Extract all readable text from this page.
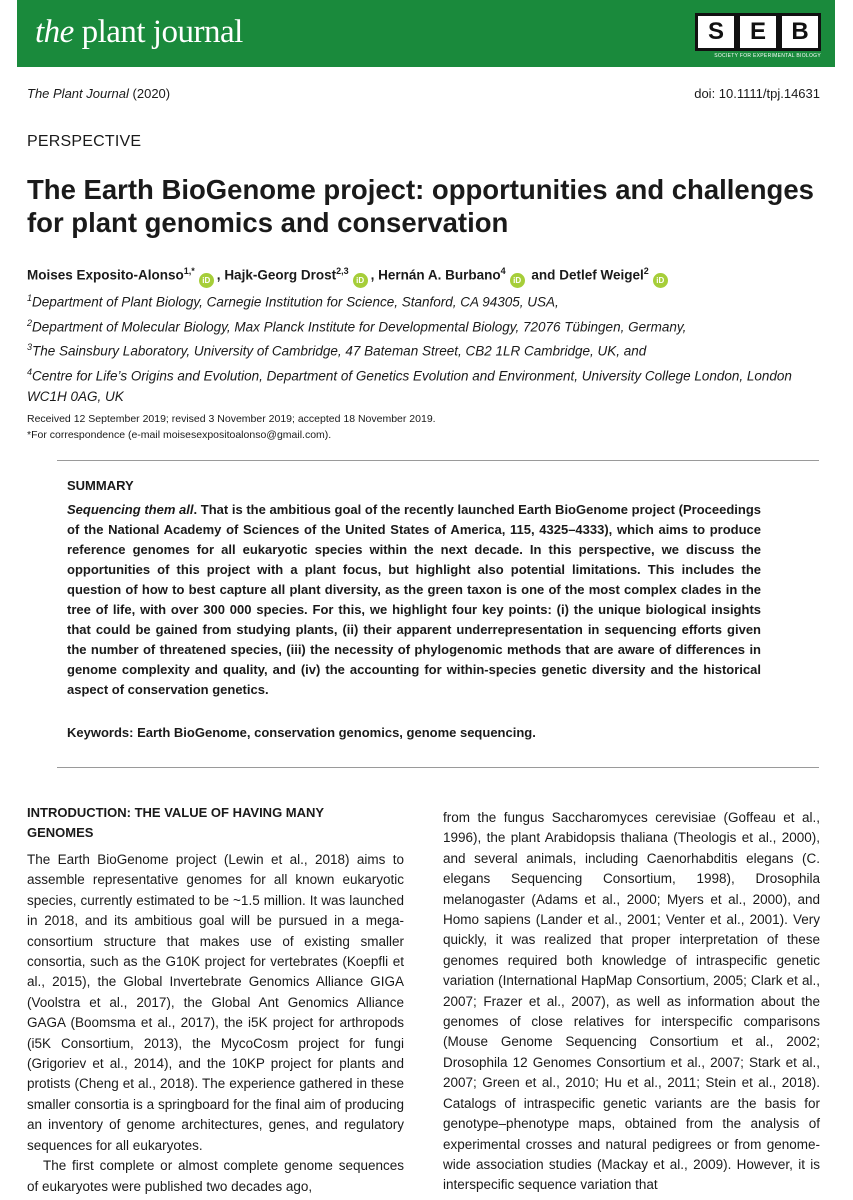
the plant journal	S	E	B
SOCIETY FOR EXPERIMENTAL BIOLOGY
The Plant Journal (2020)	doi: 10.1111/tpj.14631
PERSPECTIVE
The Earth BioGenome project: opportunities and challenges for plant genomics and conservation
Moises Exposito-Alonso$^{1,*}$iD , Hajk-Georg Drost$^{2,3}$iD , Hernán A. Burbano$^4$iD and Detlef Weigel$^2$iD
$^1$Department of Plant Biology, Carnegie Institution for Science, Stanford, CA 94305, USA,
$^2$Department of Molecular Biology, Max Planck Institute for Developmental Biology, 72076 Tübingen, Germany,
$^3$The Sainsbury Laboratory, University of Cambridge, 47 Bateman Street, CB2 1LR Cambridge, UK, and
$^4$Centre for Life’s Origins and Evolution, Department of Genetics Evolution and Environment, University College London, London WC1H 0AG, UK
Received 12 September 2019; revised 3 November 2019; accepted 18 November 2019.
*For correspondence (e-mail moisesexpositoalonso@gmail.com).
SUMMARY
Sequencing them all. That is the ambitious goal of the recently launched Earth BioGenome project (Proceedings of the National Academy of Sciences of the United States of America, 115, 4325–4333), which aims to produce reference genomes for all eukaryotic species within the next decade. In this perspective, we discuss the opportunities of this project with a plant focus, but highlight also potential limitations. This includes the question of how to best capture all plant diversity, as the green taxon is one of the most complex clades in the tree of life, with over 300 000 species. For this, we highlight four key points: (i) the unique biological insights that could be gained from studying plants, (ii) their apparent underrepresentation in sequencing efforts given the number of threatened species, (iii) the necessity of phylogenomic methods that are aware of differences in genome complexity and quality, and (iv) the accounting for within-species genetic diversity and the historical aspect of conservation genetics.
Keywords: Earth BioGenome, conservation genomics, genome sequencing.
INTRODUCTION: THE VALUE OF HAVING MANY GENOMES

The Earth BioGenome project (Lewin et al., 2018) aims to assemble representative genomes for all known eukaryotic species, currently estimated to be ~1.5 million. It was launched in 2018, and its ambitious goal will be pursued in a mega-consortium structure that makes use of existing smaller consortia, such as the G10K project for vertebrates (Koepfli et al., 2015), the Global Invertebrate Genomics Alliance GIGA (Voolstra et al., 2017), the Global Ant Genomics Alliance GAGA (Boomsma et al., 2017), the i5K project for arthropods (i5K Consortium, 2013), the MycoCosm project for fungi (Grigoriev et al., 2014), and the 10KP project for plants and protists (Cheng et al., 2018). The experience gathered in these smaller consortia is a springboard for the final aim of producing an inventory of genome architectures, genes, and regulatory sequences for all eukaryotes.

The first complete or almost complete genome sequences of eukaryotes were published two decades ago,

from the fungus Saccharomyces cerevisiae (Goffeau et al., 1996), the plant Arabidopsis thaliana (Theologis et al., 2000), and several animals, including Caenorhabditis elegans (C. elegans Sequencing Consortium, 1998), Drosophila melanogaster (Adams et al., 2000; Myers et al., 2000), and Homo sapiens (Lander et al., 2001; Venter et al., 2001). Very quickly, it was realized that proper interpretation of these genomes required both knowledge of intraspecific genetic variation (International HapMap Consortium, 2005; Clark et al., 2007; Frazer et al., 2007), as well as information about the genomes of close relatives for interspecific comparisons (Mouse Genome Sequencing Consortium et al., 2002; Drosophila 12 Genomes Consortium et al., 2007; Stark et al., 2007; Green et al., 2010; Hu et al., 2011; Stein et al., 2018). Catalogs of intraspecific genetic variants are the basis for genotype–phenotype maps, obtained from the analysis of experimental crosses and natural pedigrees or from genome-wide association studies (Mackay et al., 2009). However, it is interspecific sequence variation that
